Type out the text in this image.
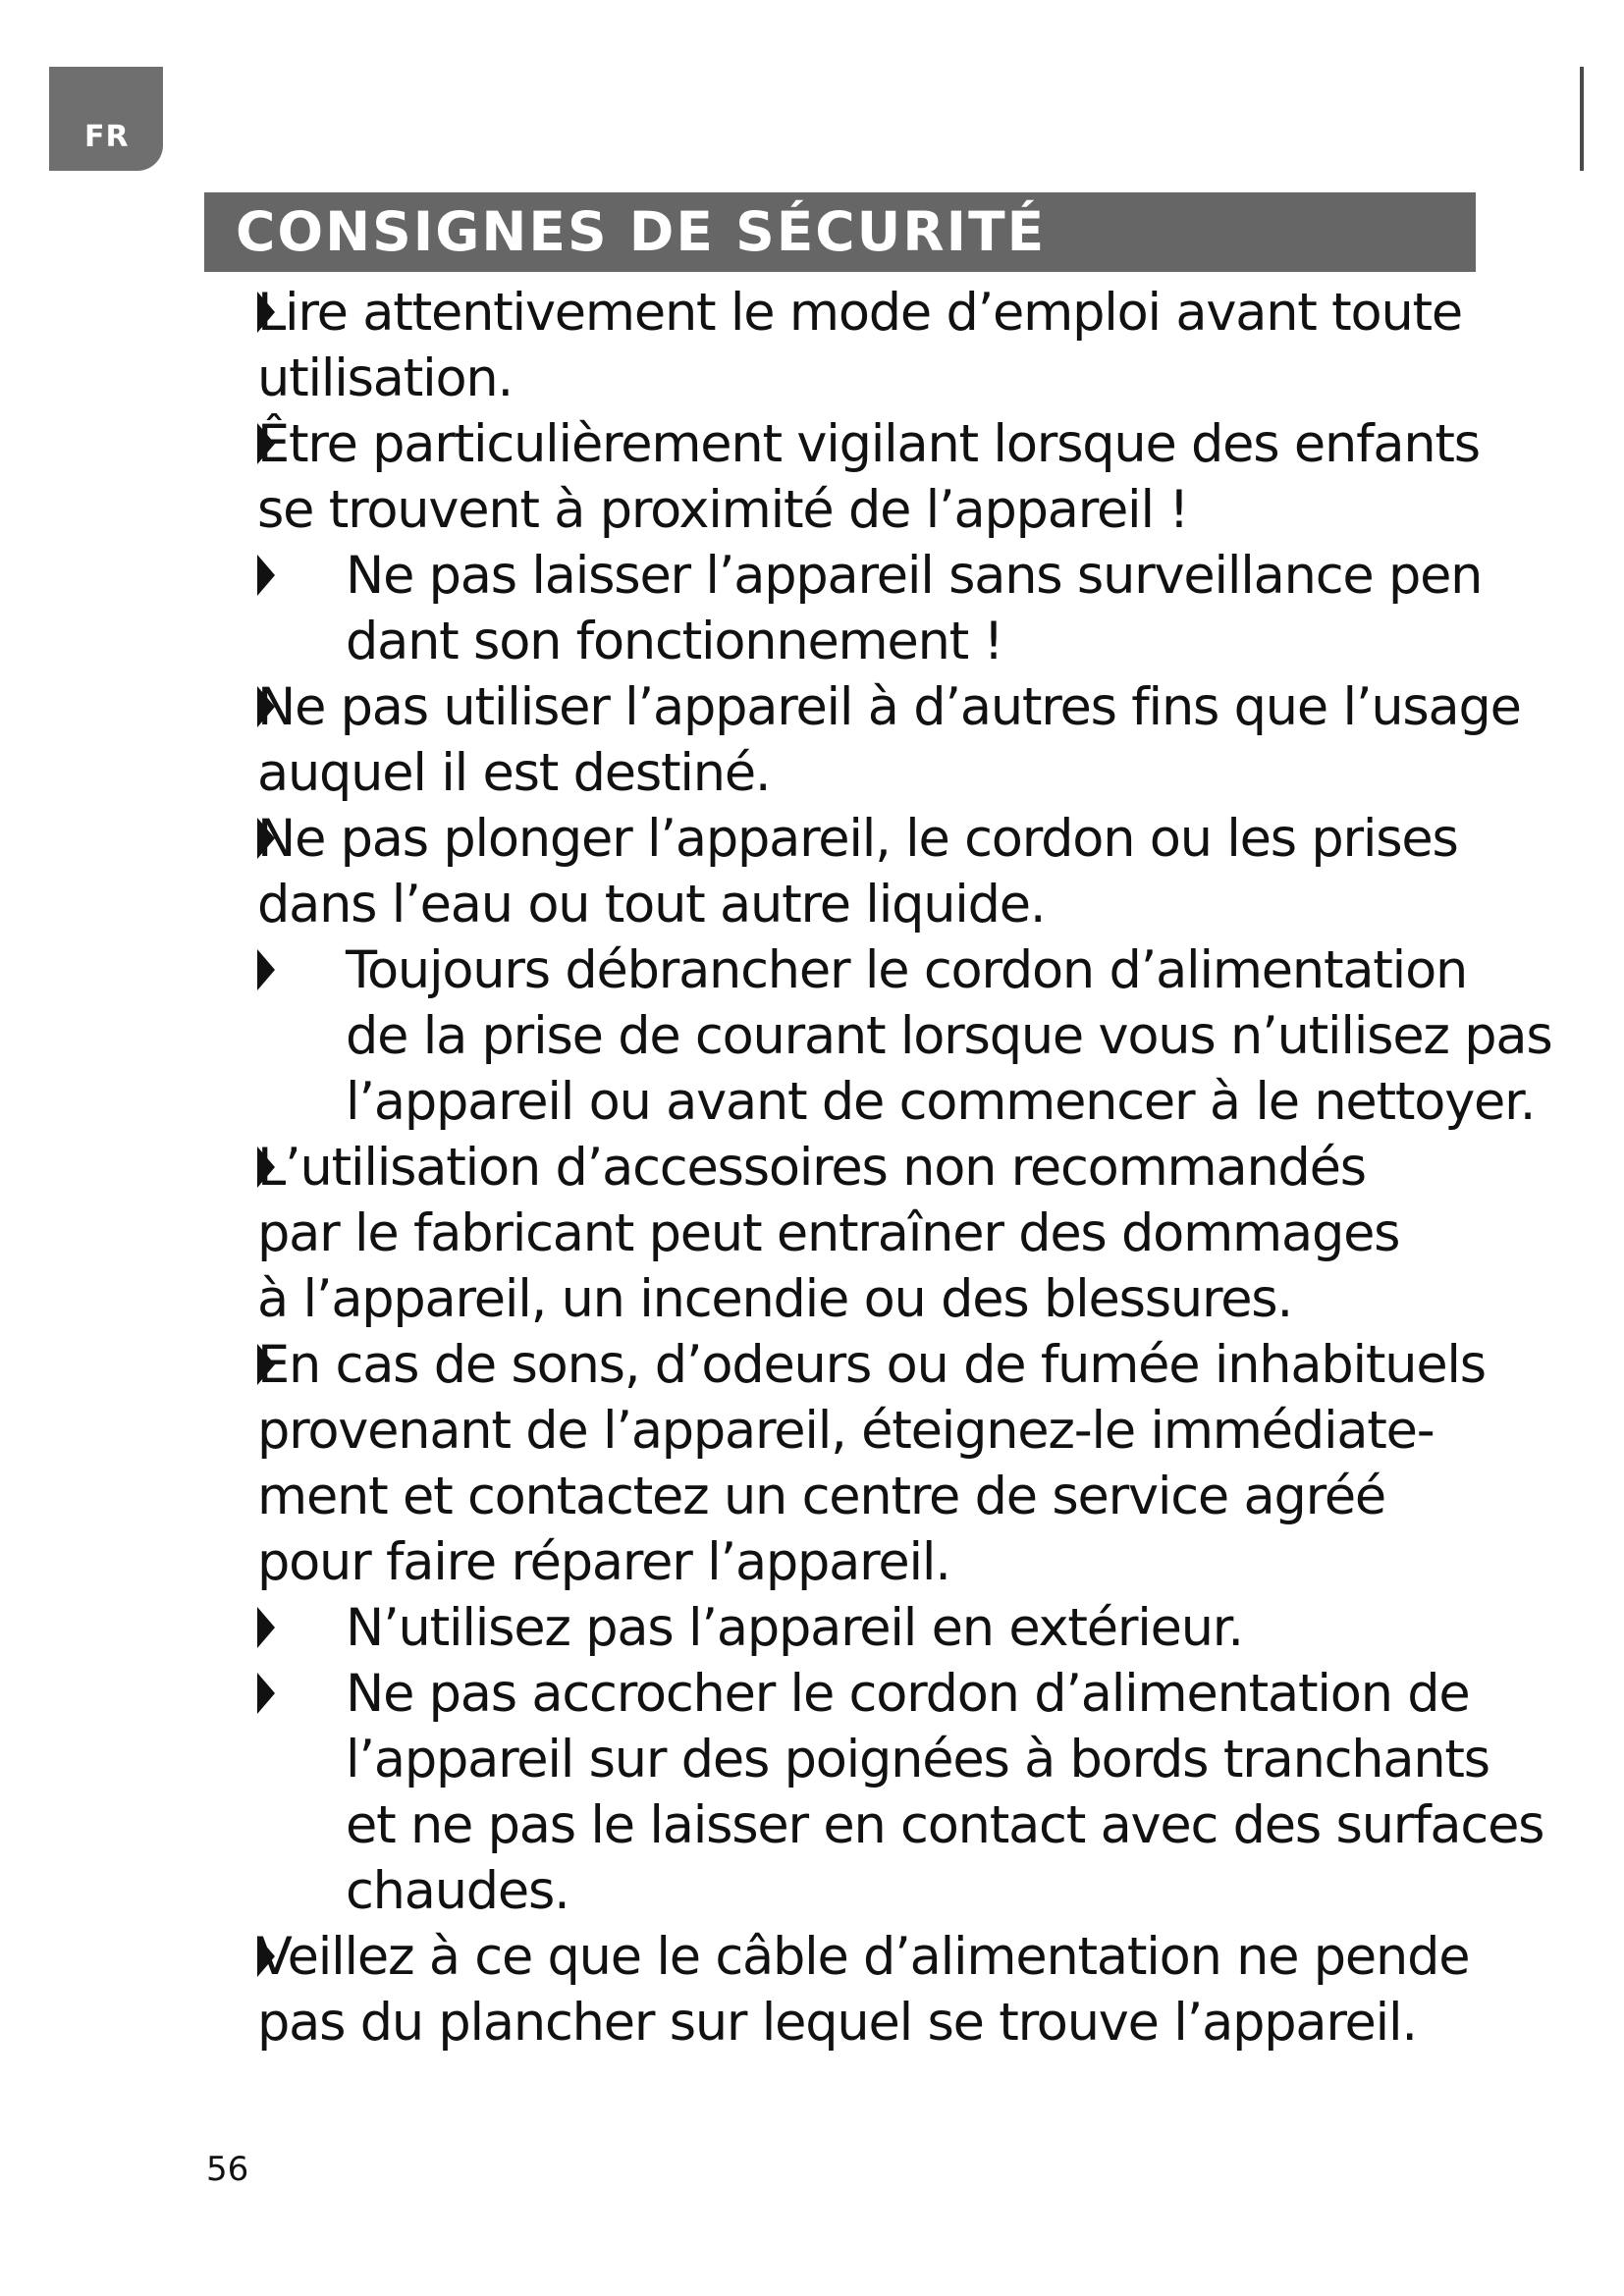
FR
CONSIGNES DE SÉCURITÉ
Lire attentivement le mode d’emploi avant toute
utilisation.
Être particulièrement vigilant lorsque des enfants
se trouvent à proximité de l’appareil !
Ne pas laisser l’appareil sans surveillance pen
dant son fonctionnement !
Ne pas utiliser l’appareil à d’autres fins que l’usage
auquel il est destiné.
Ne pas plonger l’appareil, le cordon ou les prises
dans l’eau ou tout autre liquide.
Toujours débrancher le cordon d’alimentation
de la prise de courant lorsque vous n’utilisez pas
l’appareil ou avant de commencer à le nettoyer.
L’utilisation d’accessoires non recommandés
par le fabricant peut entraîner des dommages
à l’appareil, un incendie ou des blessures.
En cas de sons, d’odeurs ou de fumée inhabituels
provenant de l’appareil, éteignez-le immédiate-
ment et contactez un centre de service agréé
pour faire réparer l’appareil.
N’utilisez pas l’appareil en extérieur.
Ne pas accrocher le cordon d’alimentation de
l’appareil sur des poignées à bords tranchants
et ne pas le laisser en contact avec des surfaces
chaudes.
Veillez à ce que le câble d’alimentation ne pende
pas du plancher sur lequel se trouve l’appareil.
56
